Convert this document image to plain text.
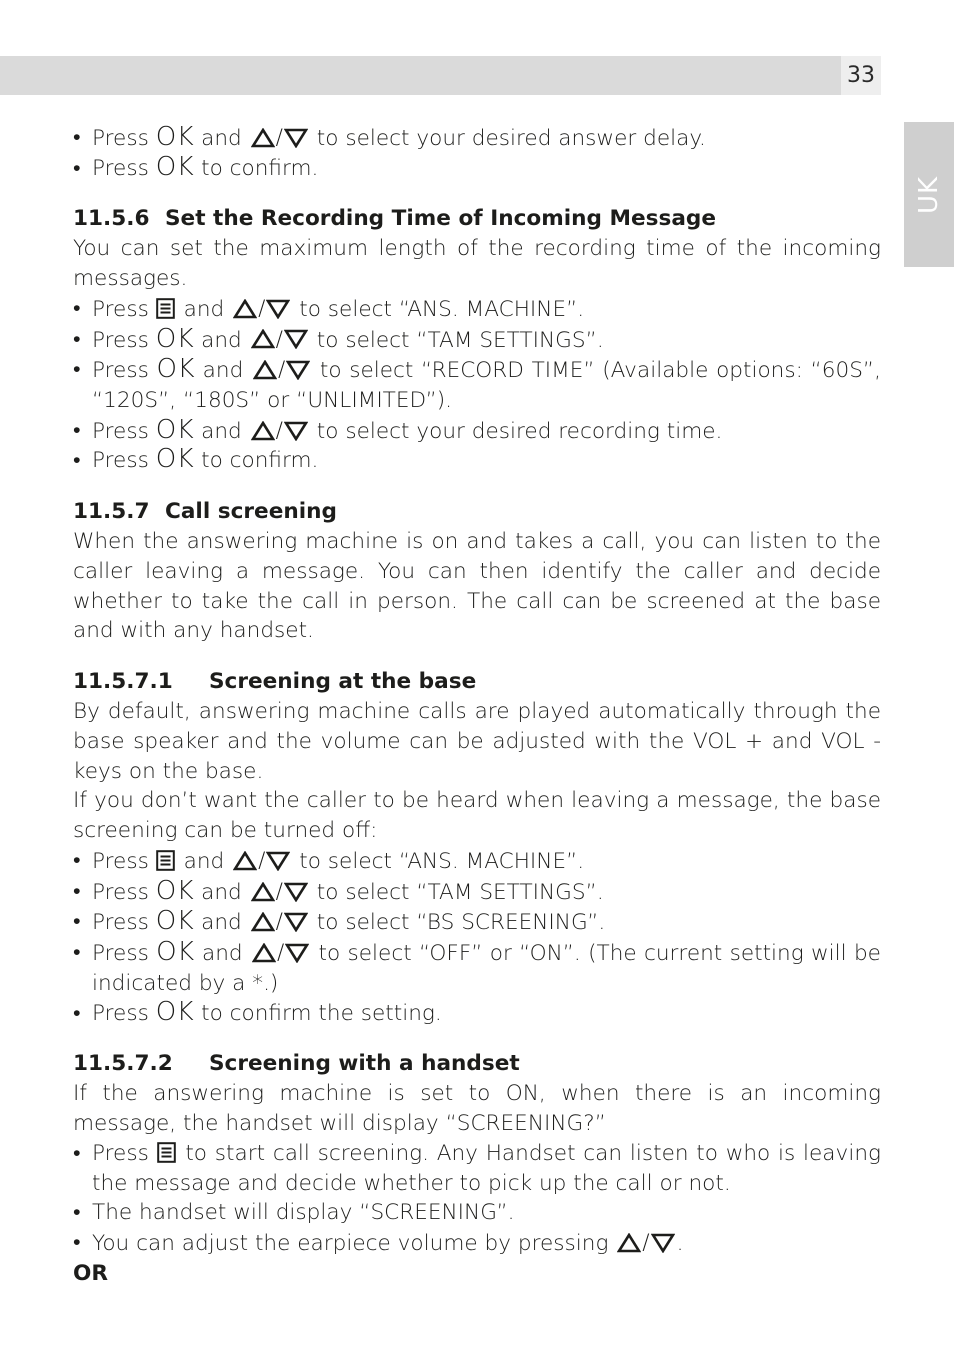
33
UK
• Press OK and / to select your desired answer delay.
• Press OK to confirm.
11.5.6 Set the Recording Time of Incoming Message

You can set the maximum length of the recording time of the incoming messages.

• Press and / to select “ANS. MACHINE”.
• Press OK and / to select “TAM SETTINGS”.
• Press OK and / to select “RECORD TIME” (Available options: “60S”, “120S”, “180S” or “UNLIMITED”).
• Press OK and / to select your desired recording time.
• Press OK to confirm.
11.5.7 Call screening

When the answering machine is on and takes a call, you can listen to the caller leaving a message. You can then identify the caller and decide whether to take the call in person. The call can be screened at the base and with any handset.

11.5.7.1 Screening at the base

By default, answering machine calls are played automatically through the base speaker and the volume can be adjusted with the VOL + and VOL -keys on the base.

If you don’t want the caller to be heard when leaving a message, the base screening can be turned off:

• Press and / to select “ANS. MACHINE”.
• Press OK and / to select “TAM SETTINGS”.
• Press OK and / to select “BS SCREENING”.
• Press OK and / to select “OFF” or “ON”. (The current setting will be indicated by a *.)
• Press OK to confirm the setting.
11.5.7.2 Screening with a handset

If the answering machine is set to ON, when there is an incoming message, the handset will display “SCREENING?”

• Press to start call screening. Any Handset can listen to who is leaving the message and decide whether to pick up the call or not.
• The handset will display “SCREENING”.
• You can adjust the earpiece volume by pressing / .
OR
